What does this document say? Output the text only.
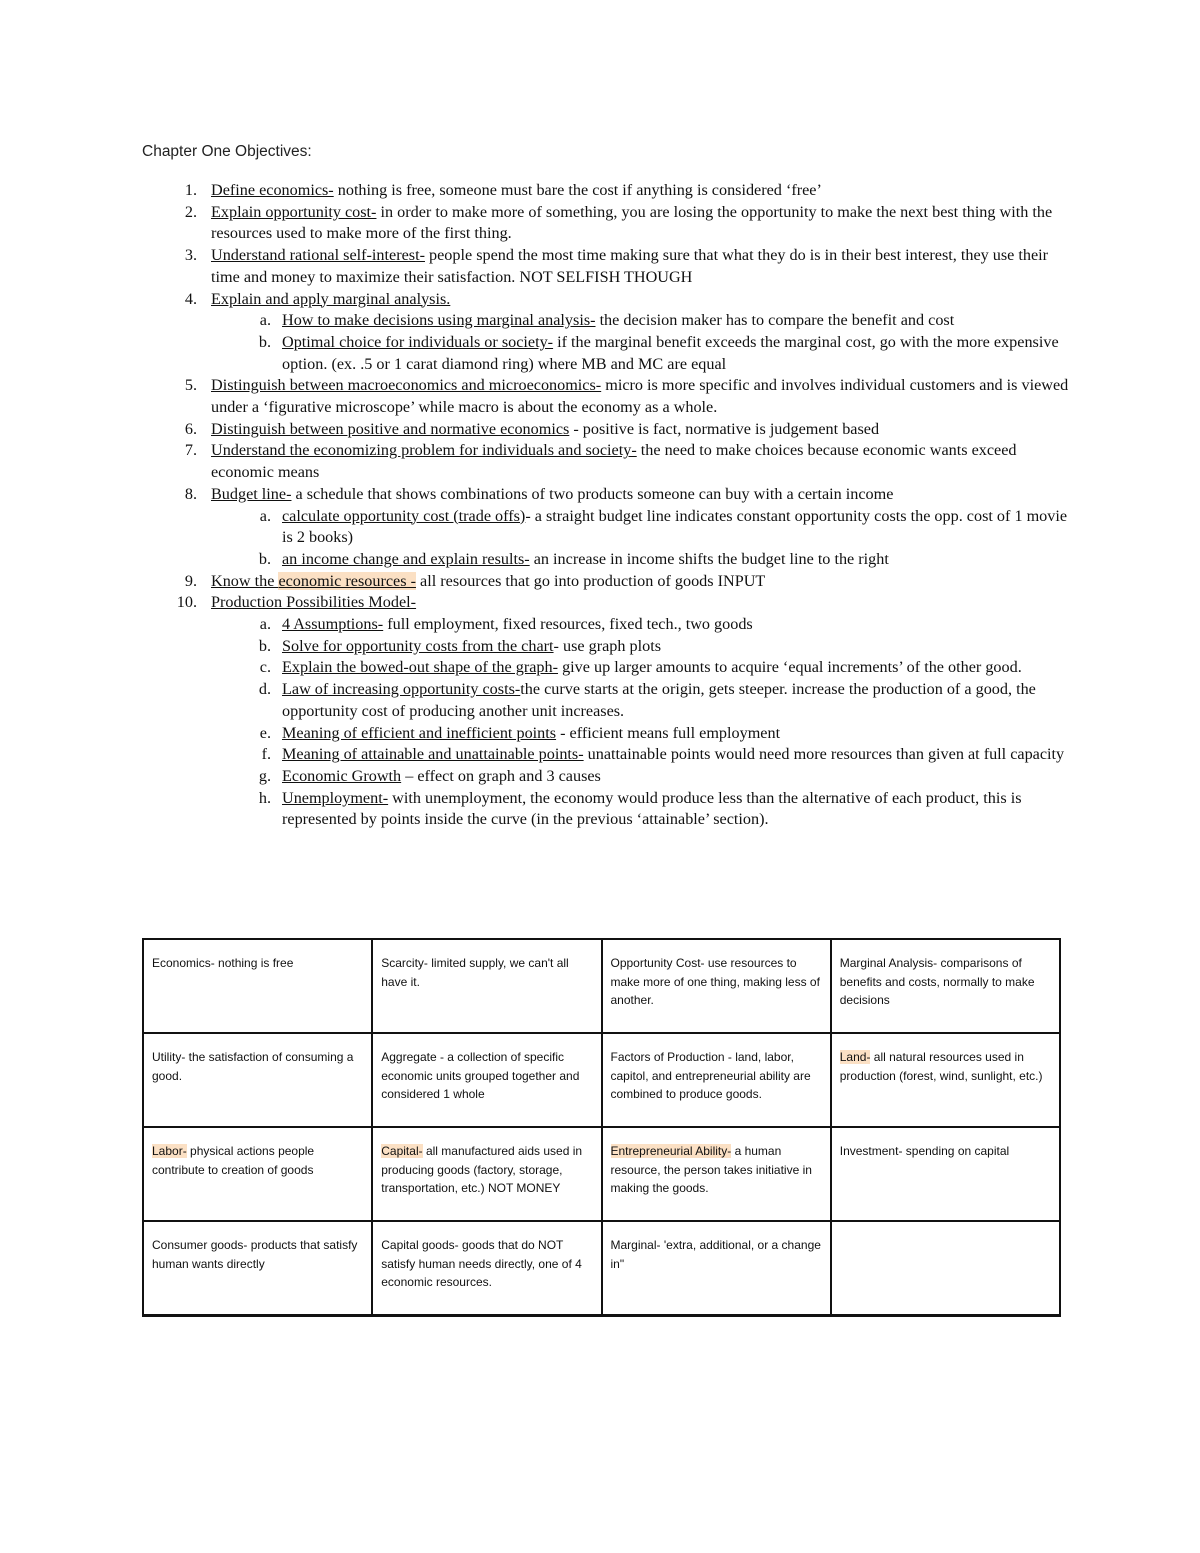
Chapter One Objectives:
1. Define economics- nothing is free, someone must bare the cost if anything is considered ‘free’
2. Explain opportunity cost- in order to make more of something, you are losing the opportunity to make the next best thing with the resources used to make more of the first thing.
3. Understand rational self-interest- people spend the most time making sure that what they do is in their best interest, they use their time and money to maximize their satisfaction. NOT SELFISH THOUGH
4. Explain and apply marginal analysis.
a. How to make decisions using marginal analysis- the decision maker has to compare the benefit and cost
b. Optimal choice for individuals or society- if the marginal benefit exceeds the marginal cost, go with the more expensive option. (ex. .5 or 1 carat diamond ring) where MB and MC are equal
5. Distinguish between macroeconomics and microeconomics- micro is more specific and involves individual customers and is viewed under a ‘figurative microscope’ while macro is about the economy as a whole.
6. Distinguish between positive and normative economics - positive is fact, normative is judgement based
7. Understand the economizing problem for individuals and society- the need to make choices because economic wants exceed economic means
8. Budget line- a schedule that shows combinations of two products someone can buy with a certain income
a. calculate opportunity cost (trade offs)- a straight budget line indicates constant opportunity costs the opp. cost of 1 movie is 2 books)
b. an income change and explain results- an increase in income shifts the budget line to the right
9. Know the economic resources - all resources that go into production of goods INPUT
10. Production Possibilities Model-
a. 4 Assumptions- full employment, fixed resources, fixed tech., two goods
b. Solve for opportunity costs from the chart- use graph plots
c. Explain the bowed-out shape of the graph- give up larger amounts to acquire ‘equal increments’ of the other good.
d. Law of increasing opportunity costs-the curve starts at the origin, gets steeper. increase the production of a good, the opportunity cost of producing another unit increases.
e. Meaning of efficient and inefficient points - efficient means full employment
f. Meaning of attainable and unattainable points- unattainable points would need more resources than given at full capacity
g. Economic Growth – effect on graph and 3 causes
h. Unemployment- with unemployment, the economy would produce less than the alternative of each product, this is represented by points inside the curve (in the previous ‘attainable’ section).
Economics- nothing is free	Scarcity- limited supply, we can't all have it.	Opportunity Cost- use resources to make more of one thing, making less of another.	Marginal Analysis- comparisons of benefits and costs, normally to make decisions
Utility- the satisfaction of consuming a good.	Aggregate - a collection of specific economic units grouped together and considered 1 whole	Factors of Production - land, labor, capitol, and entrepreneurial ability are combined to produce goods.	Land- all natural resources used in production (forest, wind, sunlight, etc.)
Labor- physical actions people contribute to creation of goods	Capital- all manufactured aids used in producing goods (factory, storage, transportation, etc.) NOT MONEY	Entrepreneurial Ability- a human resource, the person takes initiative in making the goods.	Investment- spending on capital
Consumer goods- products that satisfy human wants directly	Capital goods- goods that do NOT satisfy human needs directly, one of 4 economic resources.	Marginal- 'extra, additional, or a change in"	
